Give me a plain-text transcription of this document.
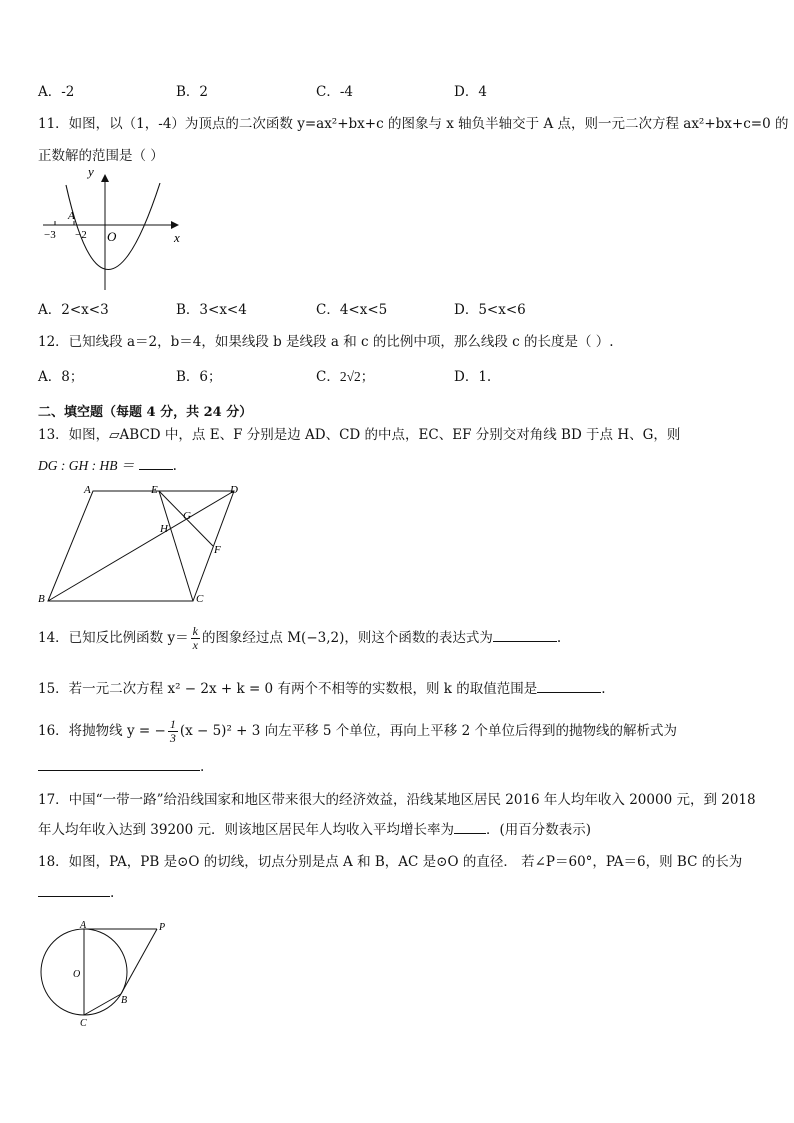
A．-2	B．2	C．-4	D．4
11．如图，以（1，-4）为顶点的二次函数 y=ax²+bx+c 的图象与 x 轴负半轴交于 A 点，则一元二次方程 ax²+bx+c=0 的
正数解的范围是（ ）
y
x
O
A
−3 −2
A．2<x<3	B．3<x<4	C．4<x<5	D．5<x<6
12．已知线段 a＝2，b＝4，如果线段 b 是线段 a 和 c 的比例中项，那么线段 c 的长度是（ ）.
A．8；	B．6；	C．2√2；	D．1.
二、填空题（每题 4 分，共 24 分）
13．如图，▱ABCD 中，点 E、F 分别是边 AD、CD 的中点，EC、EF 分别交对角线 BD 于点 H、G，则
DG : GH : HB ＝	.
A	E	D
G
H
F
B	C
14．已知反比例函数 $y= \frac{k}{x}$ 的图象经过点 M(−3,2)，则这个函数的表达式为	.
15．若一元二次方程 x² − 2x + k = 0 有两个不相等的实数根，则 k 的取值范围是	.
16．将抛物线 y = − $\frac{1}{3} (x - 5)^2 + 3$ 向左平移 5 个单位，再向上平移 2 个单位后得到的抛物线的解析式为
.
17．中国“一带一路”给沿线国家和地区带来很大的经济效益，沿线某地区居民 2016 年人均年收入 20000 元，到 2018
年人均年收入达到 39200 元．则该地区居民年人均收入平均增长率为 ．(用百分数表示)
18．如图，PA，PB 是⊙O 的切线，切点分别是点 A 和 B，AC 是⊙O 的直径． 若∠P＝60°，PA＝6，则 BC 的长为
.
A	P
O
B
C
